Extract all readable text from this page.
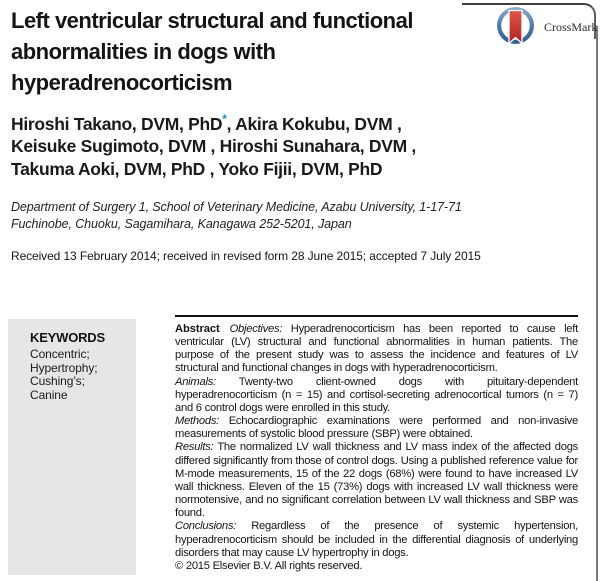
Left ventricular structural and functional
abnormalities in dogs with
hyperadrenocorticism
CrossMark
Hiroshi Takano, DVM, PhD*, Akira Kokubu, DVM ,
Keisuke Sugimoto, DVM , Hiroshi Sunahara, DVM ,
Takuma Aoki, DVM, PhD , Yoko Fijii, DVM, PhD
Department of Surgery 1, School of Veterinary Medicine, Azabu University, 1-17-71
Fuchinobe, Chuoku, Sagamihara, Kanagawa 252-5201, Japan
Received 13 February 2014; received in revised form 28 June 2015; accepted 7 July 2015
KEYWORDS
Concentric;
Hypertrophy;
Cushing’s;
Canine

Abstract Objectives: Hyperadrenocorticism has been reported to cause left ventricular (LV) structural and functional abnormalities in human patients. The purpose of the present study was to assess the incidence and features of LV structural and functional changes in dogs with hyperadrenocorticism.

Animals: Twenty-two client-owned dogs with pituitary-dependent hyperadrenocorticism (n = 15) and cortisol-secreting adrenocortical tumors (n = 7) and 6 control dogs were enrolled in this study.

Methods: Echocardiographic examinations were performed and non-invasive measurements of systolic blood pressure (SBP) were obtained.

Results: The normalized LV wall thickness and LV mass index of the affected dogs differed significantly from those of control dogs. Using a published reference value for M-mode measurements, 15 of the 22 dogs (68%) were found to have increased LV wall thickness. Eleven of the 15 (73%) dogs with increased LV wall thickness were normotensive, and no significant correlation between LV wall thickness and SBP was found.

Conclusions: Regardless of the presence of systemic hypertension, hyperadrenocorticism should be included in the differential diagnosis of underlying disorders that may cause LV hypertrophy in dogs.

© 2015 Elsevier B.V. All rights reserved.
